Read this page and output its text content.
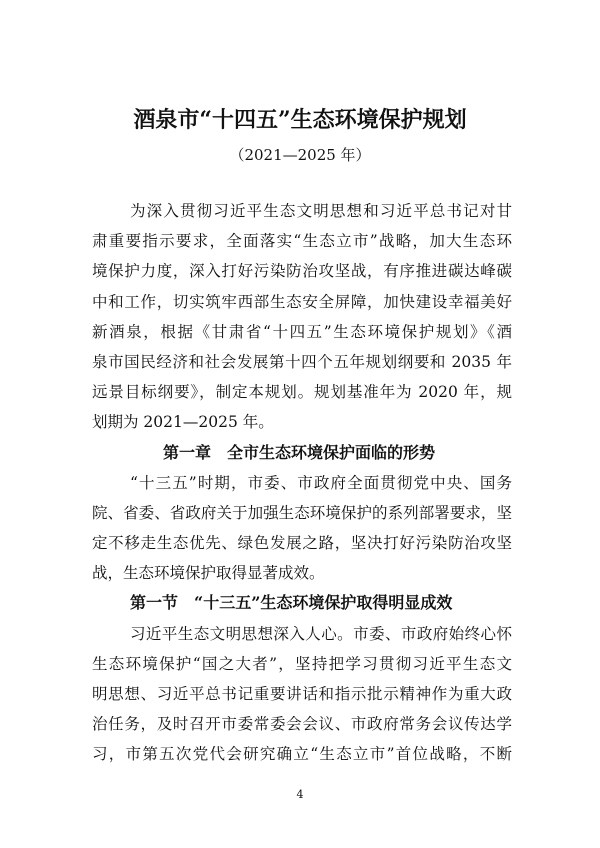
酒泉市“十四五”生态环境保护规划
（2021—2025 年）
为深入贯彻习近平生态文明思想和习近平总书记对甘
肃重要指示要求，全面落实“生态立市”战略，加大生态环
境保护力度，深入打好污染防治攻坚战，有序推进碳达峰碳
中和工作，切实筑牢西部生态安全屏障，加快建设幸福美好
新酒泉，根据《甘肃省“十四五”生态环境保护规划》《酒
泉市国民经济和社会发展第十四个五年规划纲要和 2035 年
远景目标纲要》，制定本规划。规划基准年为 2020 年，规
划期为 2021—2025 年。
第一章　全市生态环境保护面临的形势
“十三五”时期，市委、市政府全面贯彻党中央、国务
院、省委、省政府关于加强生态环境保护的系列部署要求，坚
定不移走生态优先、绿色发展之路，坚决打好污染防治攻坚
战，生态环境保护取得显著成效。
第一节　“十三五”生态环境保护取得明显成效
习近平生态文明思想深入人心。市委、市政府始终心怀
生态环境保护“国之大者”，坚持把学习贯彻习近平生态文
明思想、习近平总书记重要讲话和指示批示精神作为重大政
治任务，及时召开市委常委会会议、市政府常务会议传达学
习，市第五次党代会研究确立“生态立市”首位战略，不断
4
